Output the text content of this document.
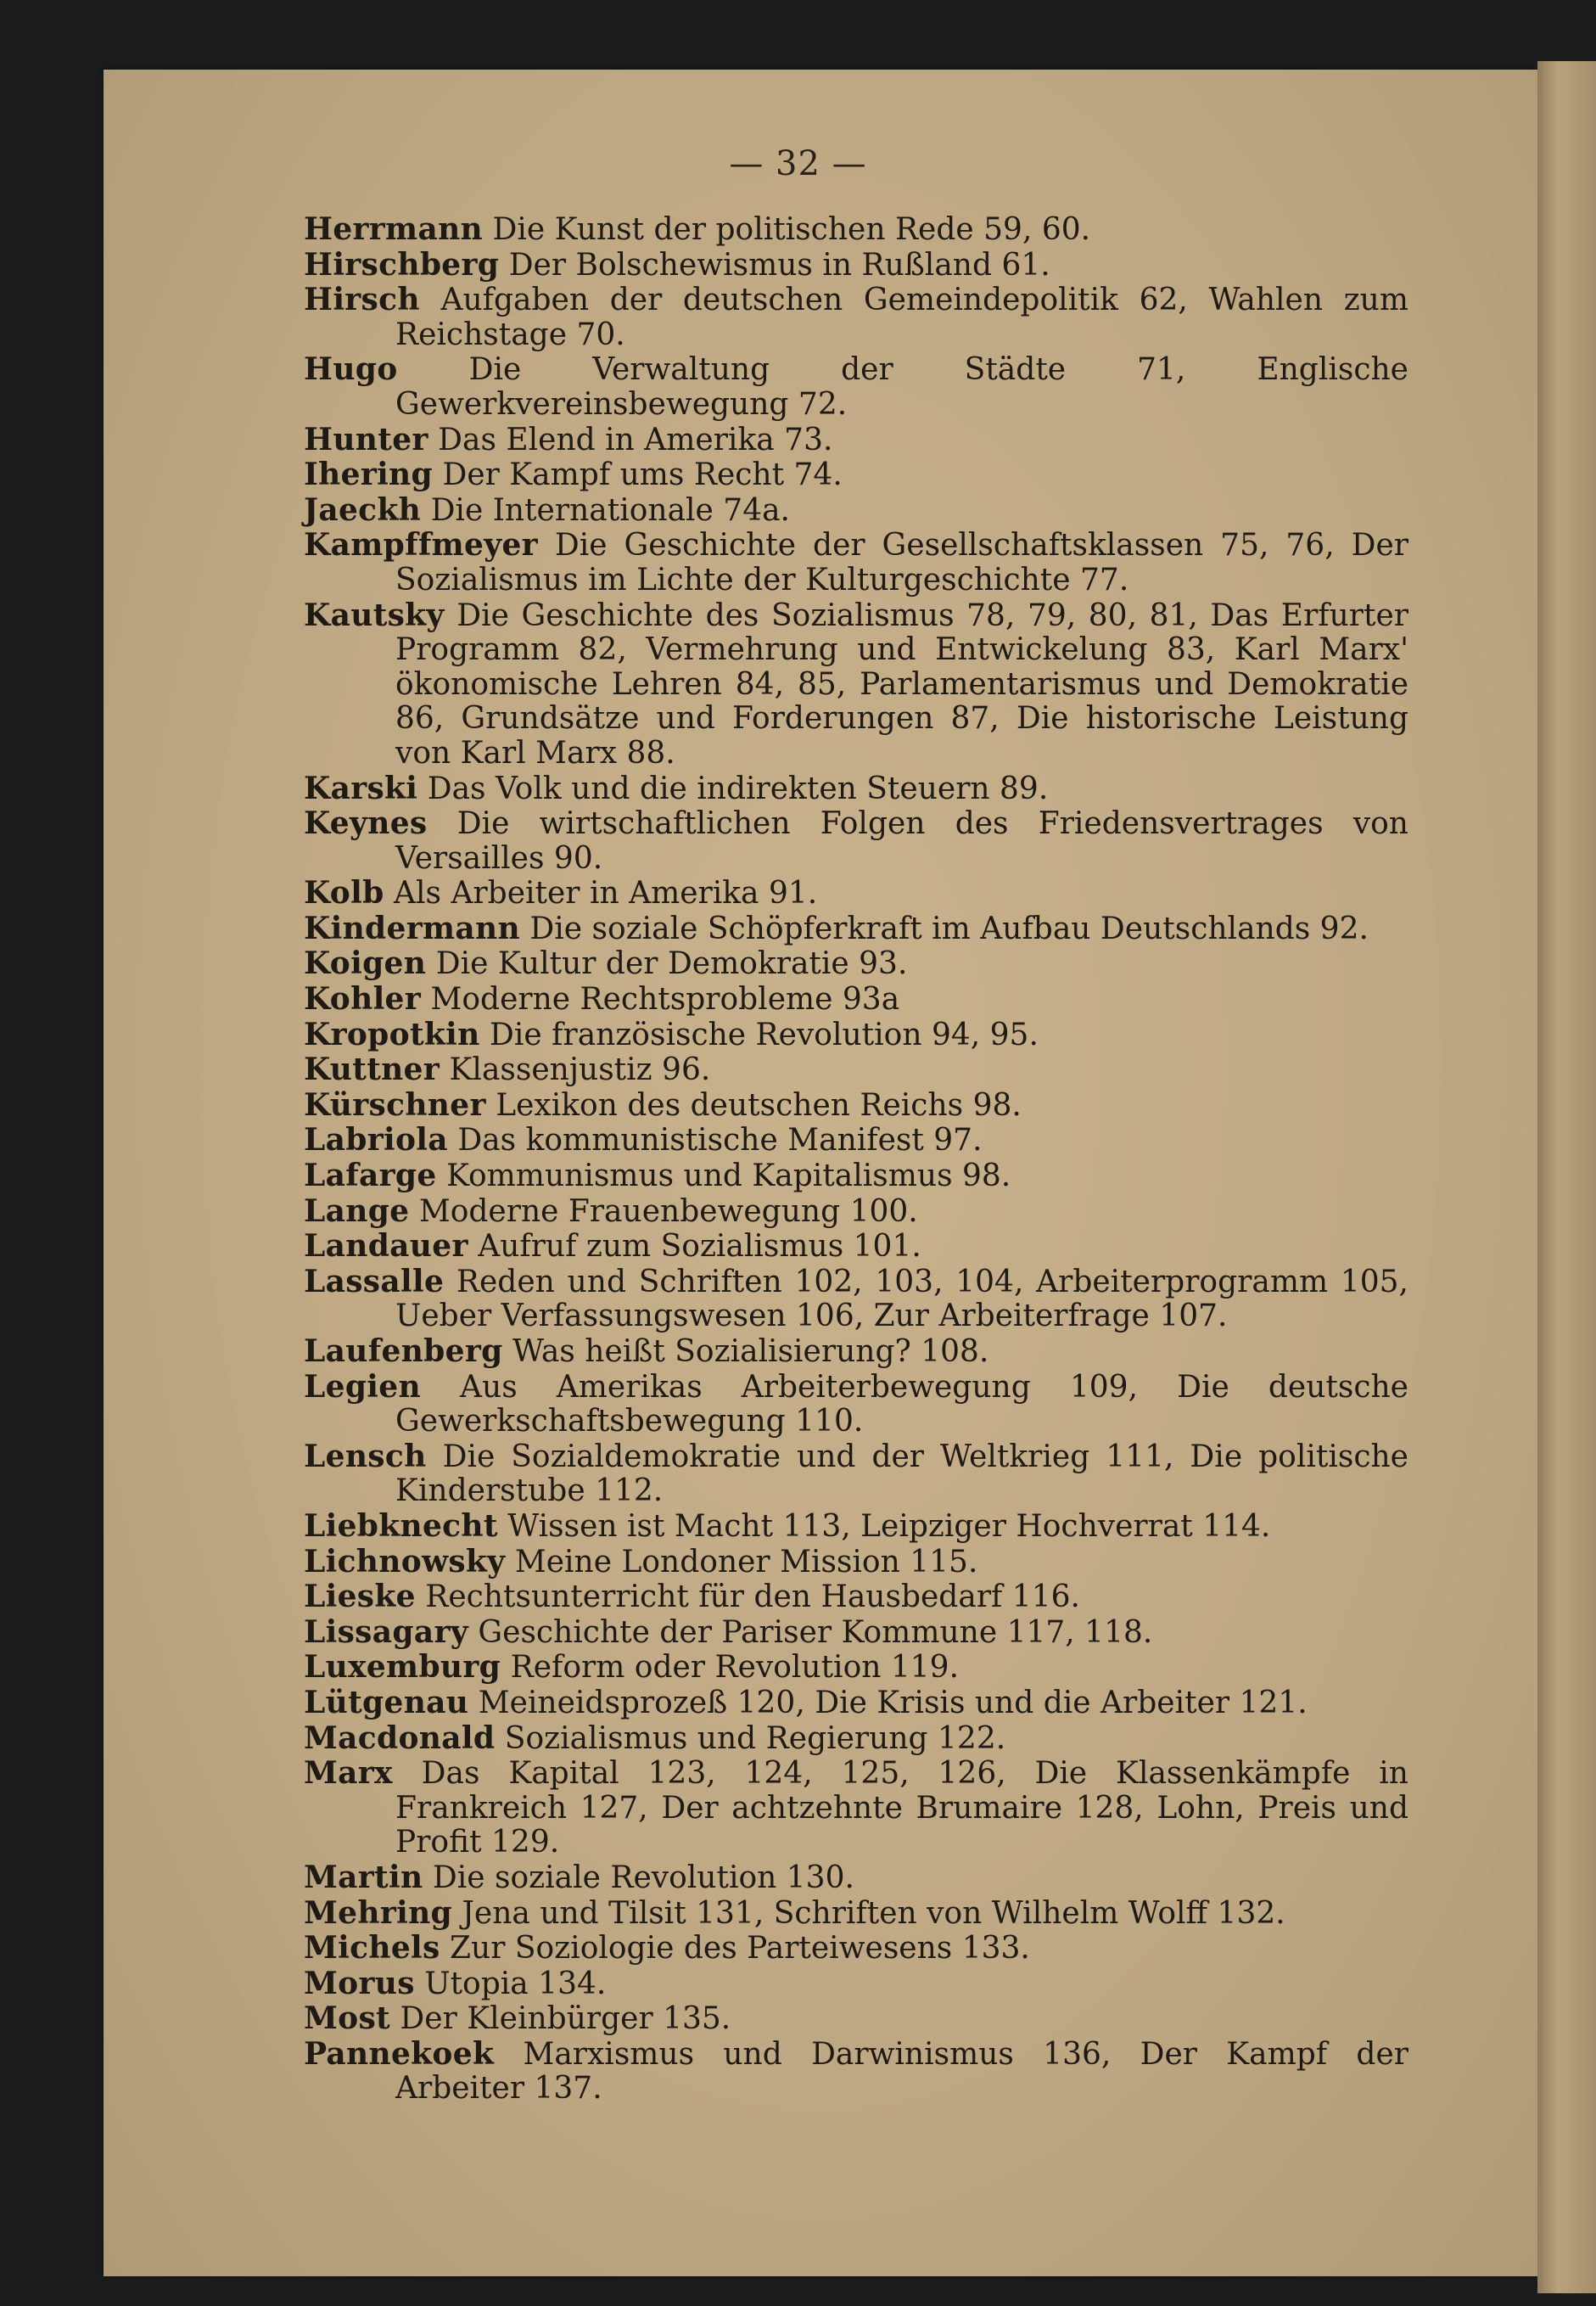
— 32 —
Herrmann Die Kunst der politischen Rede 59, 60.
Hirschberg Der Bolschewismus in Rußland 61.
Hirsch Aufgaben der deutschen Gemeindepolitik 62, Wahlen zum Reichstage 70.
Hugo Die Verwaltung der Städte 71, Englische Gewerkvereinsbewegung 72.
Hunter Das Elend in Amerika 73.
Ihering Der Kampf ums Recht 74.
Jaeckh Die Internationale 74a.
Kampffmeyer Die Geschichte der Gesellschaftsklassen 75, 76, Der Sozialismus im Lichte der Kulturgeschichte 77.
Kautsky Die Geschichte des Sozialismus 78, 79, 80, 81, Das Erfurter Programm 82, Vermehrung und Entwickelung 83, Karl Marx' ökonomische Lehren 84, 85, Parlamentarismus und Demokratie 86, Grundsätze und Forderungen 87, Die historische Leistung von Karl Marx 88.
Karski Das Volk und die indirekten Steuern 89.
Keynes Die wirtschaftlichen Folgen des Friedensvertrages von Versailles 90.
Kolb Als Arbeiter in Amerika 91.
Kindermann Die soziale Schöpferkraft im Aufbau Deutschlands 92.
Koigen Die Kultur der Demokratie 93.
Kohler Moderne Rechtsprobleme 93a
Kropotkin Die französische Revolution 94, 95.
Kuttner Klassenjustiz 96.
Kürschner Lexikon des deutschen Reichs 98.
Labriola Das kommunistische Manifest 97.
Lafarge Kommunismus und Kapitalismus 98.
Lange Moderne Frauenbewegung 100.
Landauer Aufruf zum Sozialismus 101.
Lassalle Reden und Schriften 102, 103, 104, Arbeiterprogramm 105, Ueber Verfassungswesen 106, Zur Arbeiterfrage 107.
Laufenberg Was heißt Sozialisierung? 108.
Legien Aus Amerikas Arbeiterbewegung 109, Die deutsche Gewerkschaftsbewegung 110.
Lensch Die Sozialdemokratie und der Weltkrieg 111, Die politische Kinderstube 112.
Liebknecht Wissen ist Macht 113, Leipziger Hochverrat 114.
Lichnowsky Meine Londoner Mission 115.
Lieske Rechtsunterricht für den Hausbedarf 116.
Lissagary Geschichte der Pariser Kommune 117, 118.
Luxemburg Reform oder Revolution 119.
Lütgenau Meineidsprozeß 120, Die Krisis und die Arbeiter 121.
Macdonald Sozialismus und Regierung 122.
Marx Das Kapital 123, 124, 125, 126, Die Klassenkämpfe in Frankreich 127, Der achtzehnte Brumaire 128, Lohn, Preis und Profit 129.
Martin Die soziale Revolution 130.
Mehring Jena und Tilsit 131, Schriften von Wilhelm Wolff 132.
Michels Zur Soziologie des Parteiwesens 133.
Morus Utopia 134.
Most Der Kleinbürger 135.
Pannekoek Marxismus und Darwinismus 136, Der Kampf der Arbeiter 137.
